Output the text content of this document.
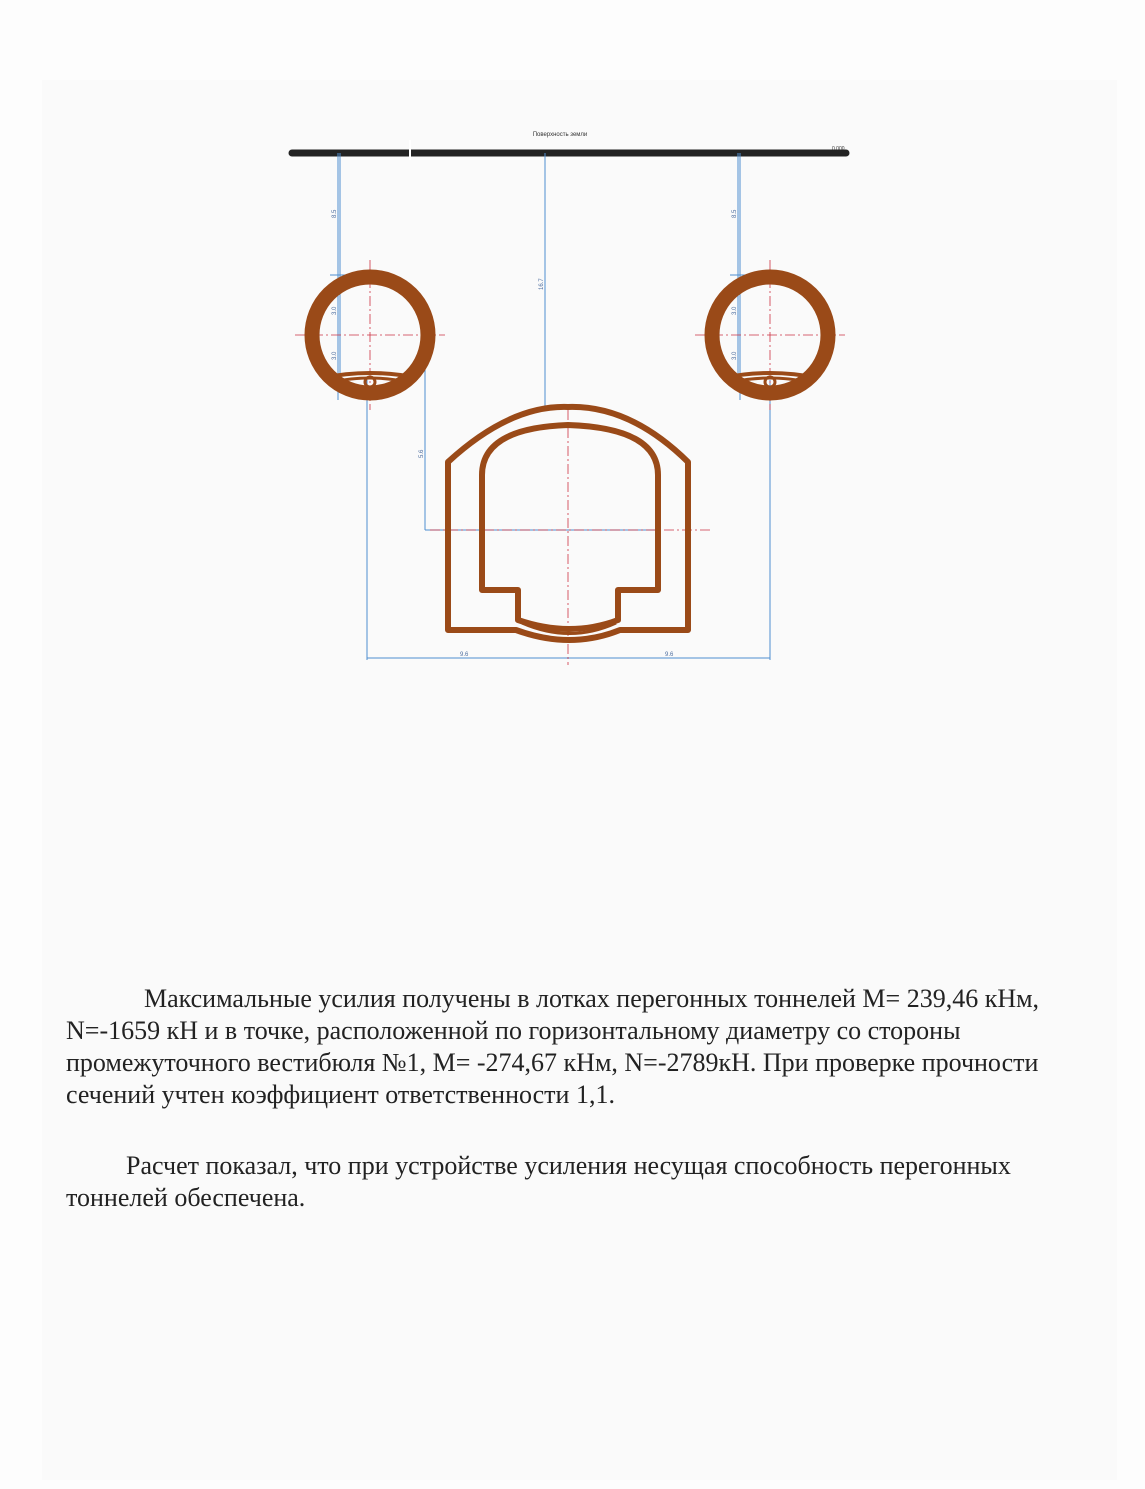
Поверхность земли
0.000
8.5
16.7
8.5
3.0
3.0
3.0
3.0
5.6
9.6	9.6

Максимальные усилия получены в лотках перегонных тоннелей М= 239,46 кНм, N=-1659 кН и в точке, расположенной по горизонтальному диаметру со стороны промежуточного вестибюля №1, М= -274,67 кНм, N=-2789кН. При проверке прочности сечений учтен коэффициент ответственности 1,1.

Расчет показал, что при устройстве усиления несущая способность перегонных тоннелей обеспечена.
